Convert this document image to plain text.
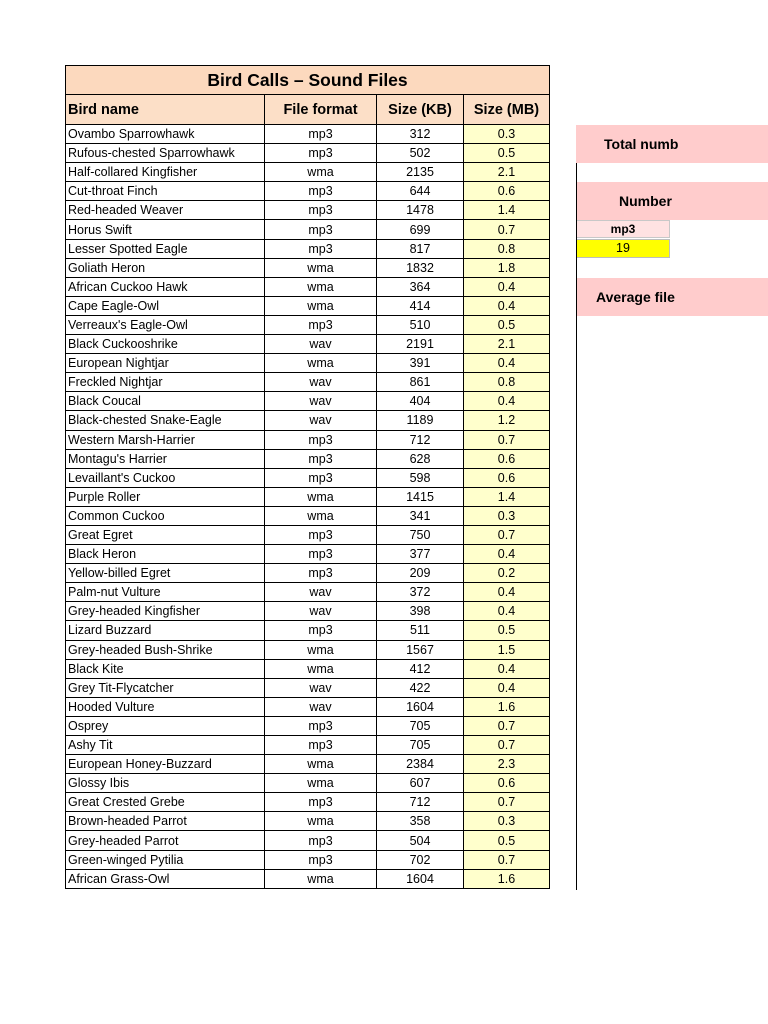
Bird Calls – Sound Files			
Bird name	File format	Size (KB)	Size (MB)
Ovambo Sparrowhawk	mp3	312	0.3
Rufous-chested Sparrowhawk	mp3	502	0.5
Half-collared Kingfisher	wma	2135	2.1
Cut-throat Finch	mp3	644	0.6
Red-headed Weaver	mp3	1478	1.4
Horus Swift	mp3	699	0.7
Lesser Spotted Eagle	mp3	817	0.8
Goliath Heron	wma	1832	1.8
African Cuckoo Hawk	wma	364	0.4
Cape Eagle-Owl	wma	414	0.4
Verreaux's Eagle-Owl	mp3	510	0.5
Black Cuckooshrike	wav	2191	2.1
European Nightjar	wma	391	0.4
Freckled Nightjar	wav	861	0.8
Black Coucal	wav	404	0.4
Black-chested Snake-Eagle	wav	1189	1.2
Western Marsh-Harrier	mp3	712	0.7
Montagu's Harrier	mp3	628	0.6
Levaillant's Cuckoo	mp3	598	0.6
Purple Roller	wma	1415	1.4
Common Cuckoo	wma	341	0.3
Great Egret	mp3	750	0.7
Black Heron	mp3	377	0.4
Yellow-billed Egret	mp3	209	0.2
Palm-nut Vulture	wav	372	0.4
Grey-headed Kingfisher	wav	398	0.4
Lizard Buzzard	mp3	511	0.5
Grey-headed Bush-Shrike	wma	1567	1.5
Black Kite	wma	412	0.4
Grey Tit-Flycatcher	wav	422	0.4
Hooded Vulture	wav	1604	1.6
Osprey	mp3	705	0.7
Ashy Tit	mp3	705	0.7
European Honey-Buzzard	wma	2384	2.3
Glossy Ibis	wma	607	0.6
Great Crested Grebe	mp3	712	0.7
Brown-headed Parrot	wma	358	0.3
Grey-headed Parrot	mp3	504	0.5
Green-winged Pytilia	mp3	702	0.7
African Grass-Owl	wma	1604	1.6
Total numb
Number
mp3
19
Average file
